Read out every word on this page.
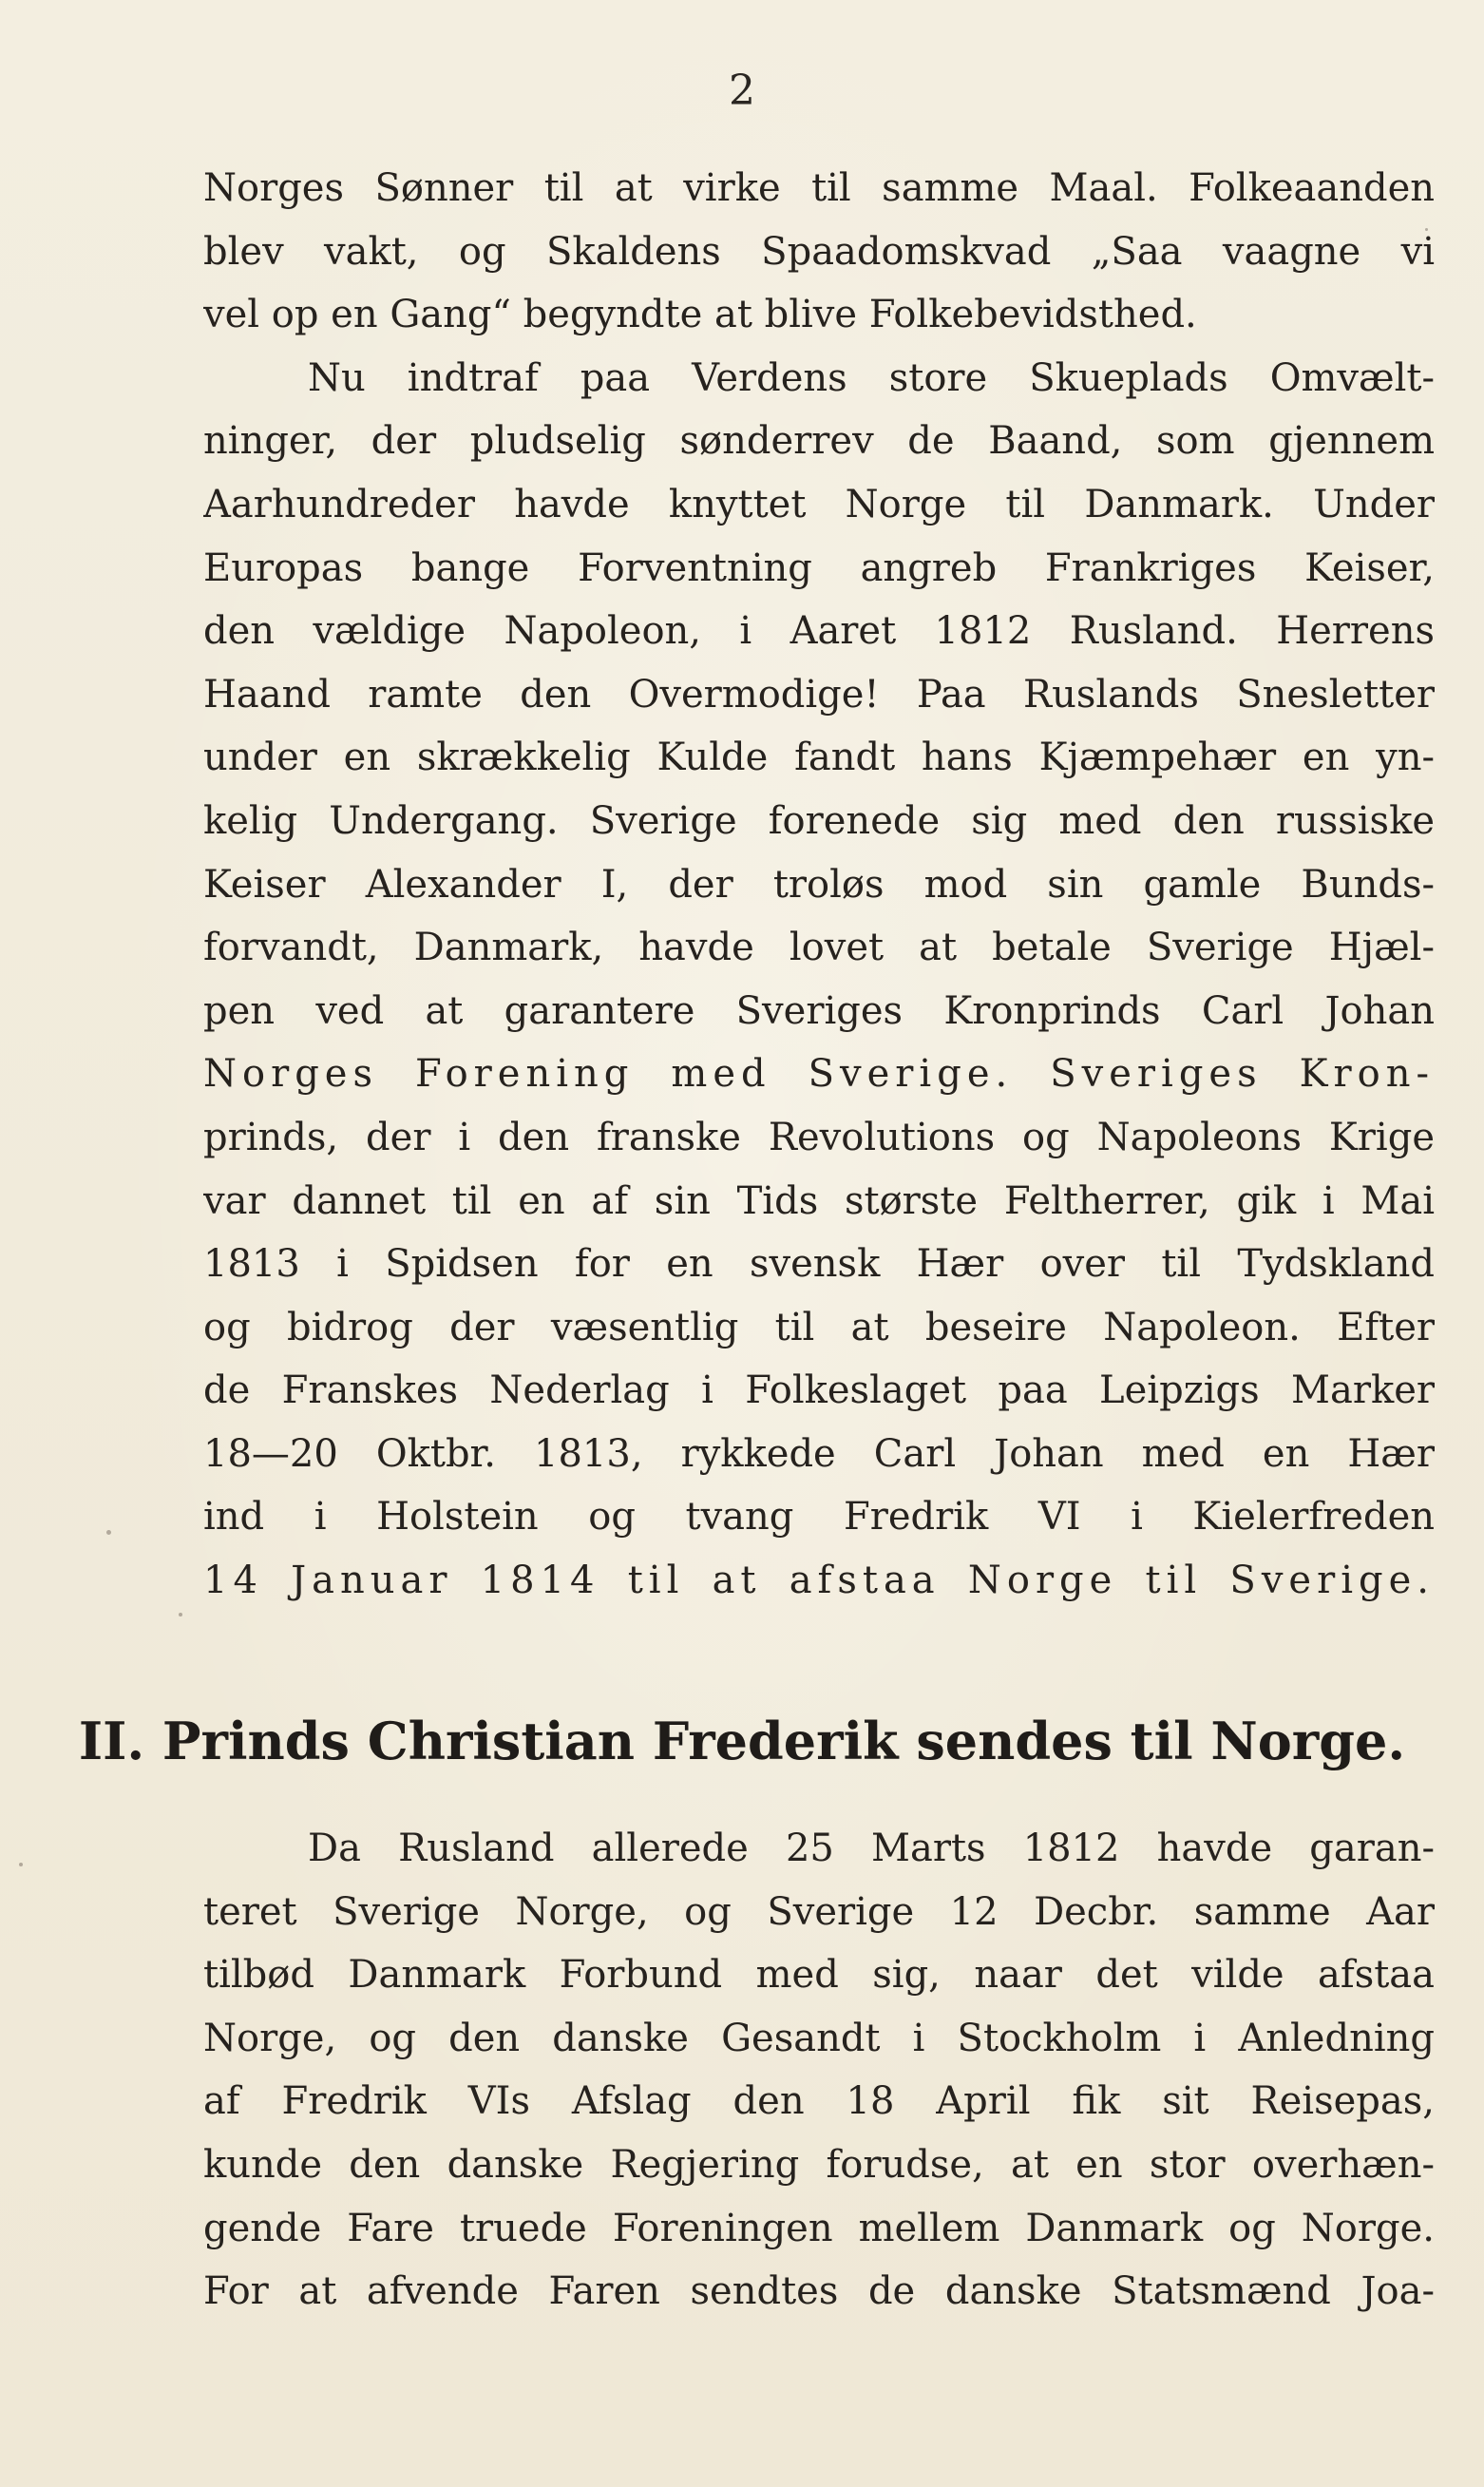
2
Norges Sønner til at virke til samme Maal. Folkeaanden
blev vakt, og Skaldens Spaadomskvad „Saa vaagne vi
vel op en Gang“ begyndte at blive Folkebevidsthed.
Nu indtraf paa Verdens store Skueplads Omvælt-
ninger, der pludselig sønderrev de Baand, som gjennem
Aarhundreder havde knyttet Norge til Danmark. Under
Europas bange Forventning angreb Frankriges Keiser,
den vældige Napoleon, i Aaret 1812 Rusland. Herrens
Haand ramte den Overmodige! Paa Ruslands Snesletter
under en skrækkelig Kulde fandt hans Kjæmpehær en yn-
kelig Undergang. Sverige forenede sig med den russiske
Keiser Alexander I, der troløs mod sin gamle Bunds-
forvandt, Danmark, havde lovet at betale Sverige Hjæl-
pen ved at garantere Sveriges Kronprinds Carl Johan
Norges Forening med Sverige. Sveriges Kron-
prinds, der i den franske Revolutions og Napoleons Krige
var dannet til en af sin Tids største Feltherrer, gik i Mai
1813 i Spidsen for en svensk Hær over til Tydskland
og bidrog der væsentlig til at beseire Napoleon. Efter
de Franskes Nederlag i Folkeslaget paa Leipzigs Marker
18—20 Oktbr. 1813, rykkede Carl Johan med en Hær
ind i Holstein og tvang Fredrik VI i Kielerfreden
14 Januar 1814 til at afstaa Norge til Sverige.
II. Prinds Christian Frederik sendes til Norge.
Da Rusland allerede 25 Marts 1812 havde garan-
teret Sverige Norge, og Sverige 12 Decbr. samme Aar
tilbød Danmark Forbund med sig, naar det vilde afstaa
Norge, og den danske Gesandt i Stockholm i Anledning
af Fredrik VIs Afslag den 18 April fik sit Reisepas,
kunde den danske Regjering forudse, at en stor overhæn-
gende Fare truede Foreningen mellem Danmark og Norge.
For at afvende Faren sendtes de danske Statsmænd Joa-
